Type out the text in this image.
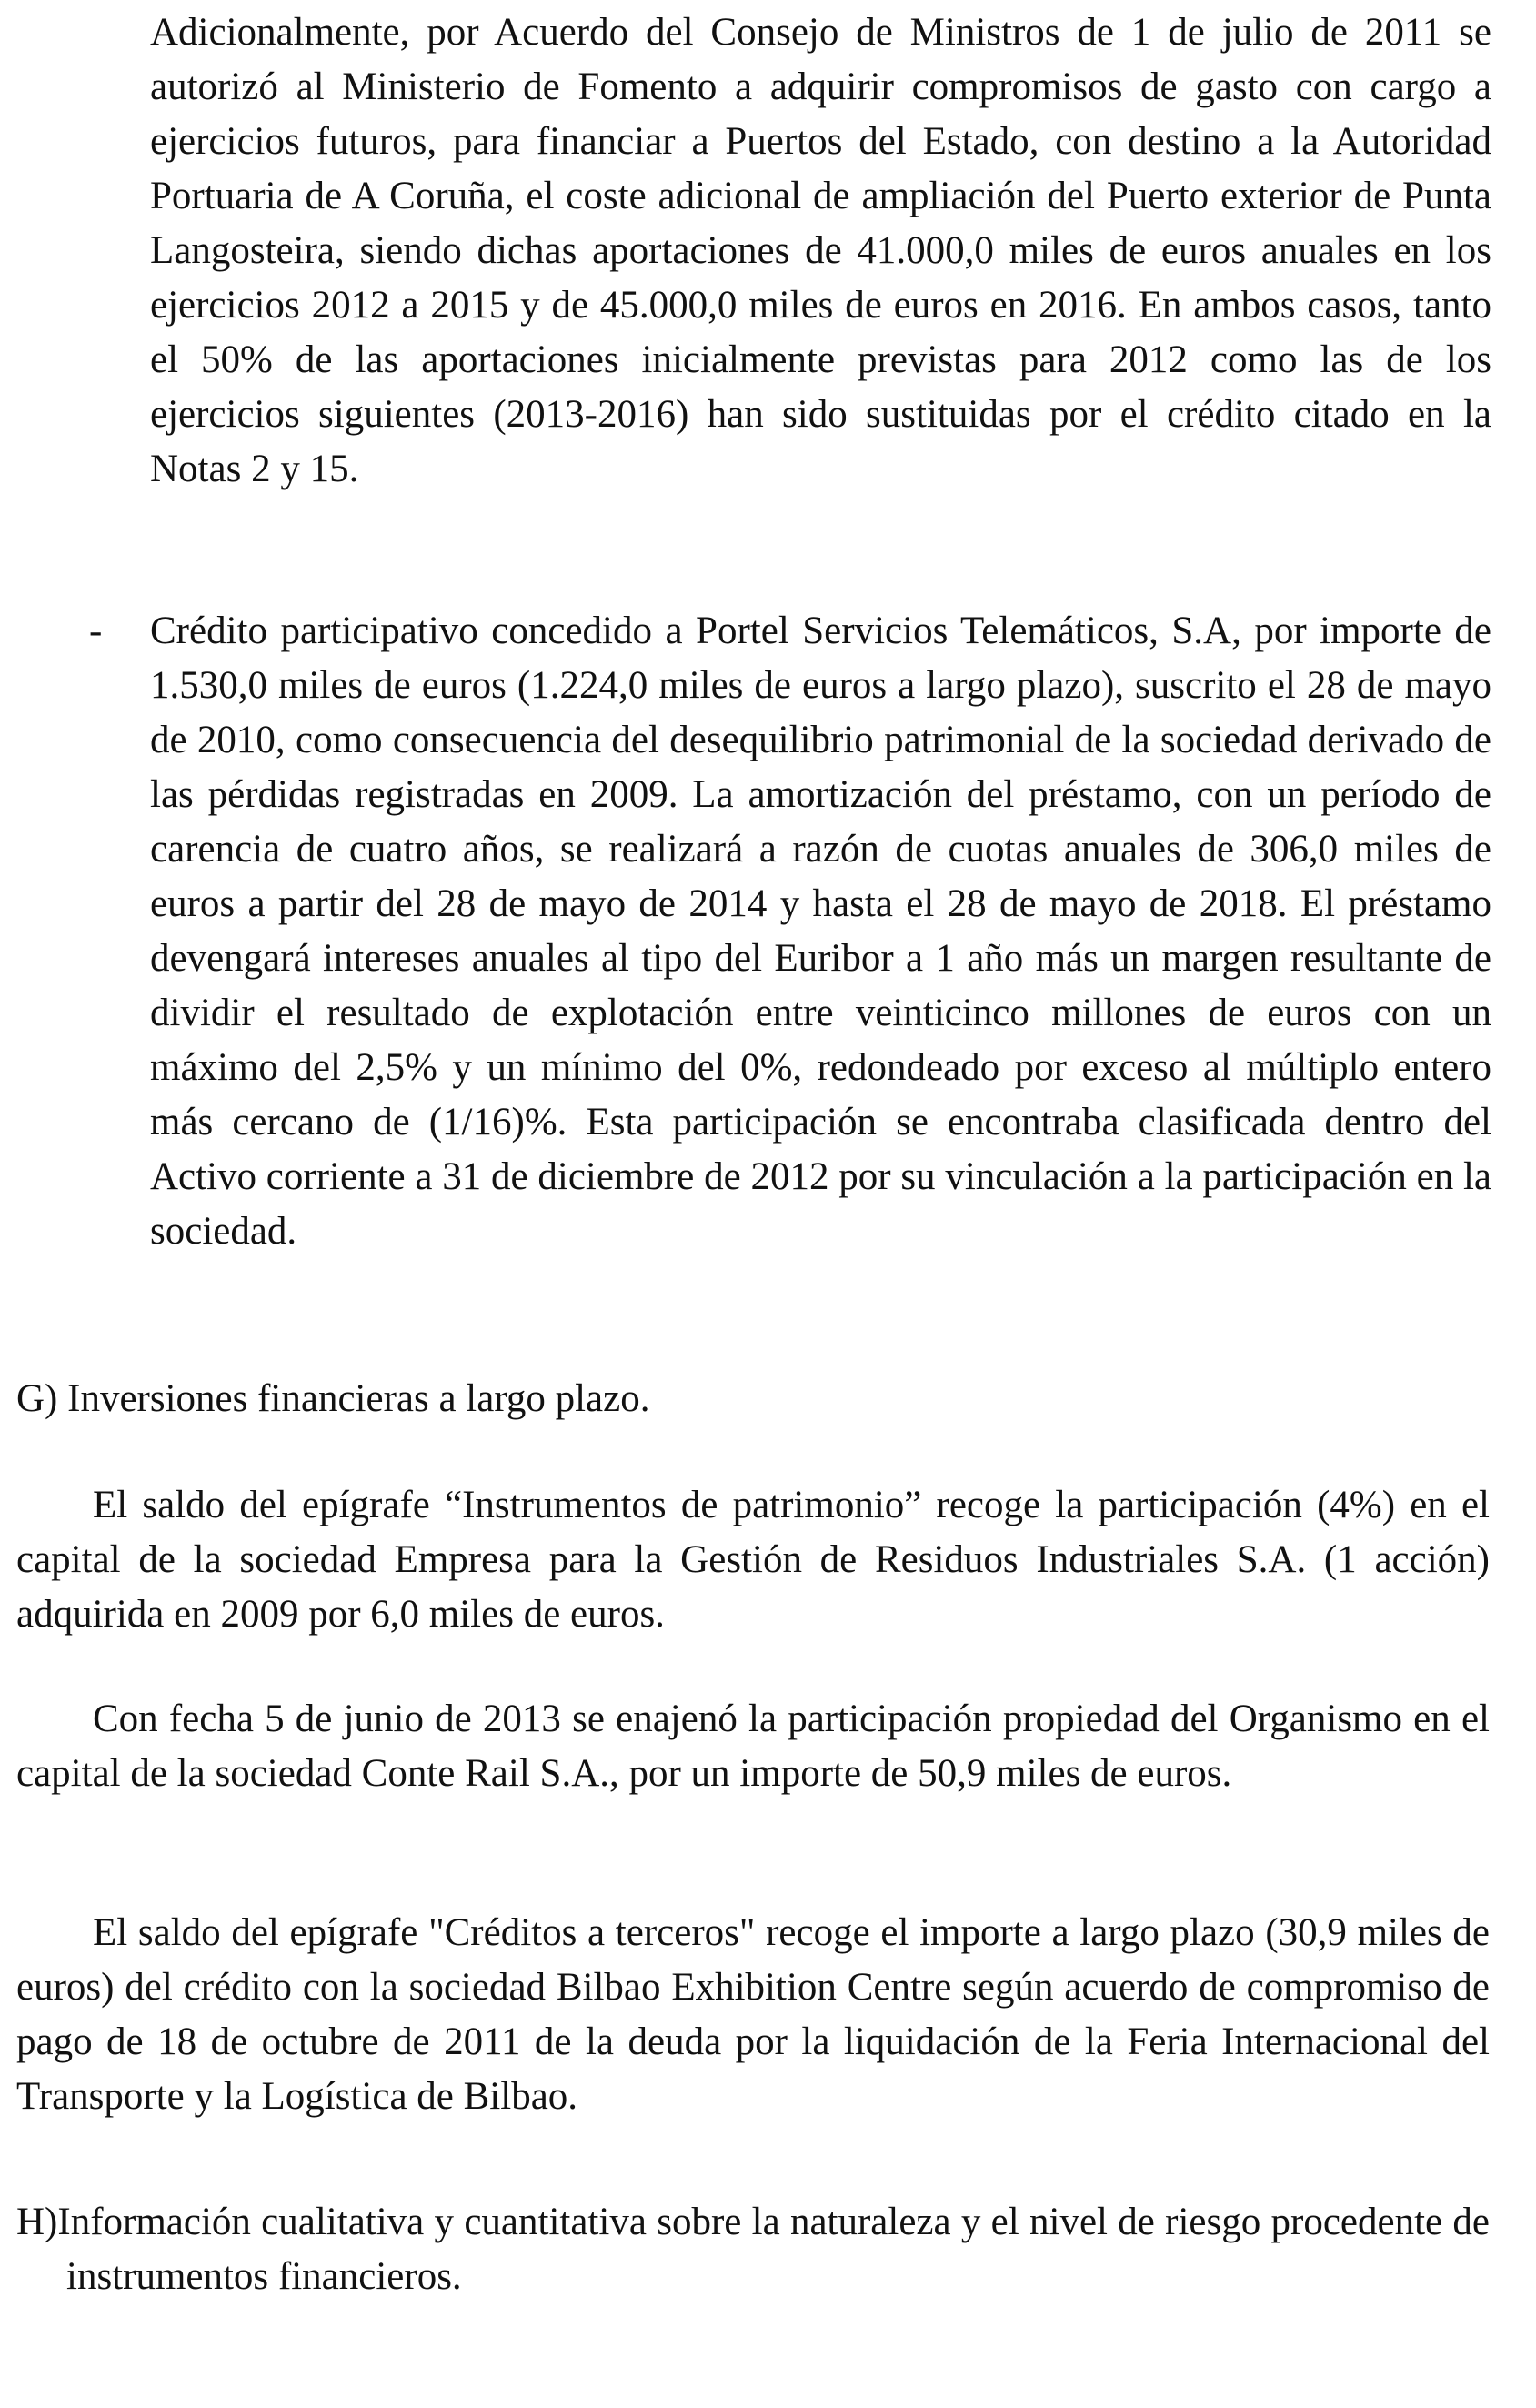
Adicionalmente, por Acuerdo del Consejo de Ministros de 1 de julio de 2011 se autorizó al Ministerio de Fomento a adquirir compromisos de gasto con cargo a ejercicios futuros, para financiar a Puertos del Estado, con destino a la Autoridad Portuaria de A Coruña, el coste adicional de ampliación del Puerto exterior de Punta Langosteira, siendo dichas aportaciones de 41.000,0 miles de euros anuales en los ejercicios 2012 a 2015 y de 45.000,0 miles de euros en 2016. En ambos casos, tanto el 50% de las aportaciones inicialmente previstas para 2012 como las de los ejercicios siguientes (2013-2016) han sido sustituidas por el crédito citado en la Notas 2 y 15.

-	Crédito participativo concedido a Portel Servicios Telemáticos, S.A, por importe de 1.530,0 miles de euros (1.224,0 miles de euros a largo plazo), suscrito el 28 de mayo de 2010, como consecuencia del desequilibrio patrimonial de la sociedad derivado de las pérdidas registradas en 2009. La amortización del préstamo, con un período de carencia de cuatro años, se realizará a razón de cuotas anuales de 306,0 miles de euros a partir del 28 de mayo de 2014 y hasta el 28 de mayo de 2018. El préstamo devengará intereses anuales al tipo del Euribor a 1 año más un margen resultante de dividir el resultado de explotación entre veinticinco millones de euros con un máximo del 2,5% y un mínimo del 0%, redondeado por exceso al múltiplo entero más cercano de (1/16)%. Esta participación se encontraba clasificada dentro del Activo corriente a 31 de diciembre de 2012 por su vinculación a la participación en la sociedad.

G) Inversiones financieras a largo plazo.

El saldo del epígrafe “Instrumentos de patrimonio” recoge la participación (4%) en el capital de la sociedad Empresa para la Gestión de Residuos Industriales S.A. (1 acción) adquirida en 2009 por 6,0 miles de euros.

Con fecha 5 de junio de 2013 se enajenó la participación propiedad del Organismo en el capital de la sociedad Conte Rail S.A., por un importe de 50,9 miles de euros.

El saldo del epígrafe "Créditos a terceros" recoge el importe a largo plazo (30,9 miles de euros) del crédito con la sociedad Bilbao Exhibition Centre según acuerdo de compromiso de pago de 18 de octubre de 2011 de la deuda por la liquidación de la Feria Internacional del Transporte y la Logística de Bilbao.

H)Información cualitativa y cuantitativa sobre la naturaleza y el nivel de riesgo procedente de instrumentos financieros.
